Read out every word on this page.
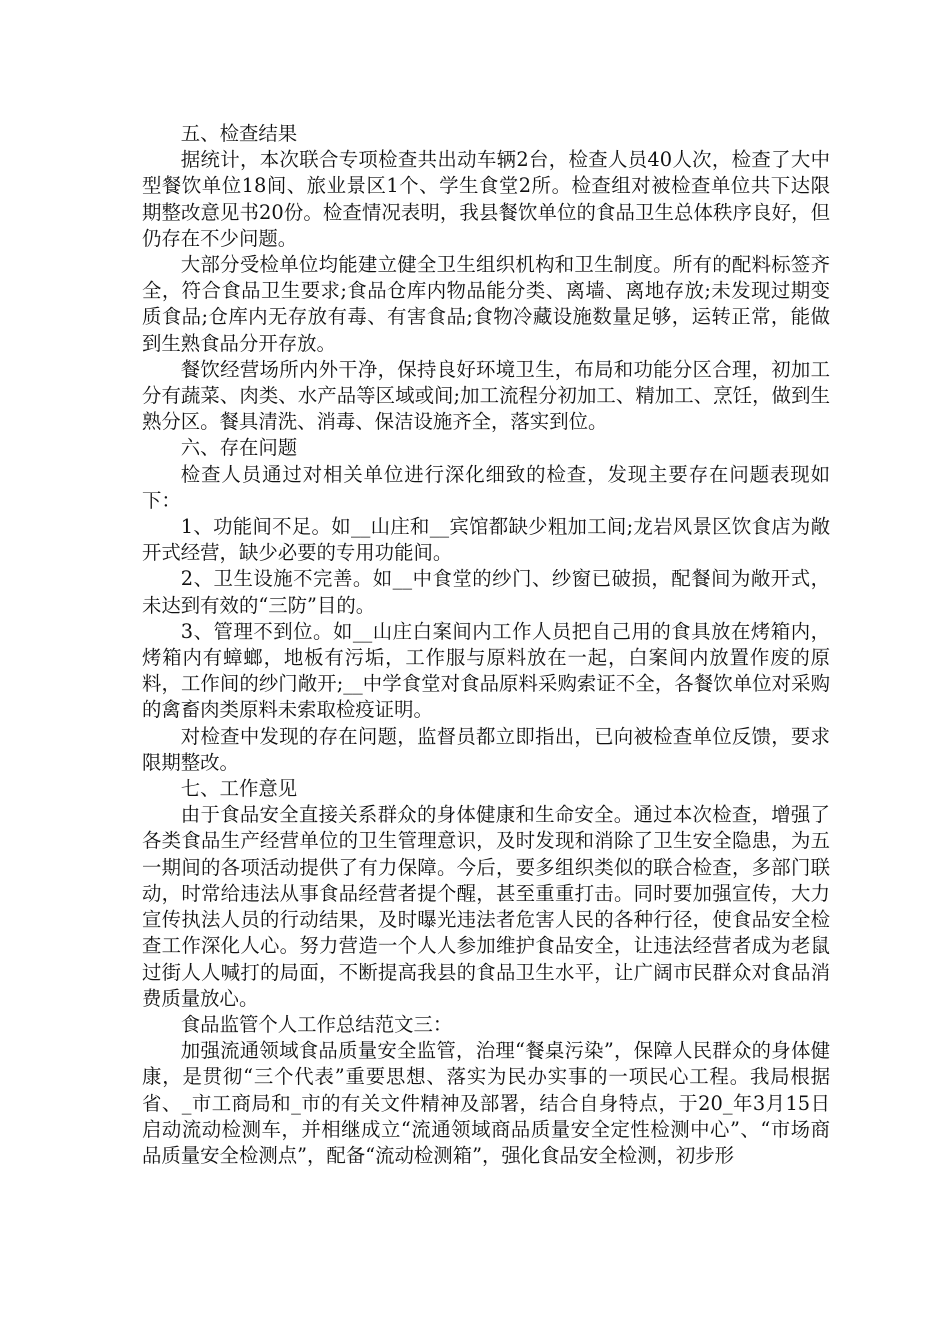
五、检查结果

据统计，本次联合专项检查共出动车辆2台，检查人员40人次，检查了大中型餐饮单位18间、旅业景区1个、学生食堂2所。检查组对被检查单位共下达限期整改意见书20份。检查情况表明，我县餐饮单位的食品卫生总体秩序良好，但仍存在不少问题。

大部分受检单位均能建立健全卫生组织机构和卫生制度。所有的配料标签齐全，符合食品卫生要求;食品仓库内物品能分类、离墙、离地存放;未发现过期变质食品;仓库内无存放有毒、有害食品;食物冷藏设施数量足够，运转正常，能做到生熟食品分开存放。

餐饮经营场所内外干净，保持良好环境卫生，布局和功能分区合理，初加工分有蔬菜、肉类、水产品等区域或间;加工流程分初加工、精加工、烹饪，做到生熟分区。餐具清洗、消毒、保洁设施齐全，落实到位。

六、存在问题

检查人员通过对相关单位进行深化细致的检查，发现主要存在问题表现如下：

1、功能间不足。如__山庄和__宾馆都缺少粗加工间;龙岩风景区饮食店为敞开式经营，缺少必要的专用功能间。

2、卫生设施不完善。如__中食堂的纱门、纱窗已破损，配餐间为敞开式，未达到有效的“三防”目的。

3、管理不到位。如__山庄白案间内工作人员把自己用的食具放在烤箱内，烤箱内有蟑螂，地板有污垢，工作服与原料放在一起，白案间内放置作废的原料，工作间的纱门敞开;__中学食堂对食品原料采购索证不全，各餐饮单位对采购的禽畜肉类原料未索取检疫证明。

对检查中发现的存在问题，监督员都立即指出，已向被检查单位反馈，要求限期整改。

七、工作意见

由于食品安全直接关系群众的身体健康和生命安全。通过本次检查，增强了各类食品生产经营单位的卫生管理意识，及时发现和消除了卫生安全隐患，为五一期间的各项活动提供了有力保障。今后，要多组织类似的联合检查，多部门联动，时常给违法从事食品经营者提个醒，甚至重重打击。同时要加强宣传，大力宣传执法人员的行动结果，及时曝光违法者危害人民的各种行径，使食品安全检查工作深化人心。努力营造一个人人参加维护食品安全，让违法经营者成为老鼠过街人人喊打的局面，不断提高我县的食品卫生水平，让广阔市民群众对食品消费质量放心。

食品监管个人工作总结范文三：

加强流通领域食品质量安全监管，治理“餐桌污染”，保障人民群众的身体健康，是贯彻“三个代表”重要思想、落实为民办实事的一项民心工程。我局根据省、_市工商局和_市的有关文件精神及部署，结合自身特点，于20_年3月15日启动流动检测车，并相继成立“流通领域商品质量安全定性检测中心”、“市场商品质量安全检测点”，配备“流动检测箱”，强化食品安全检测，初步形
